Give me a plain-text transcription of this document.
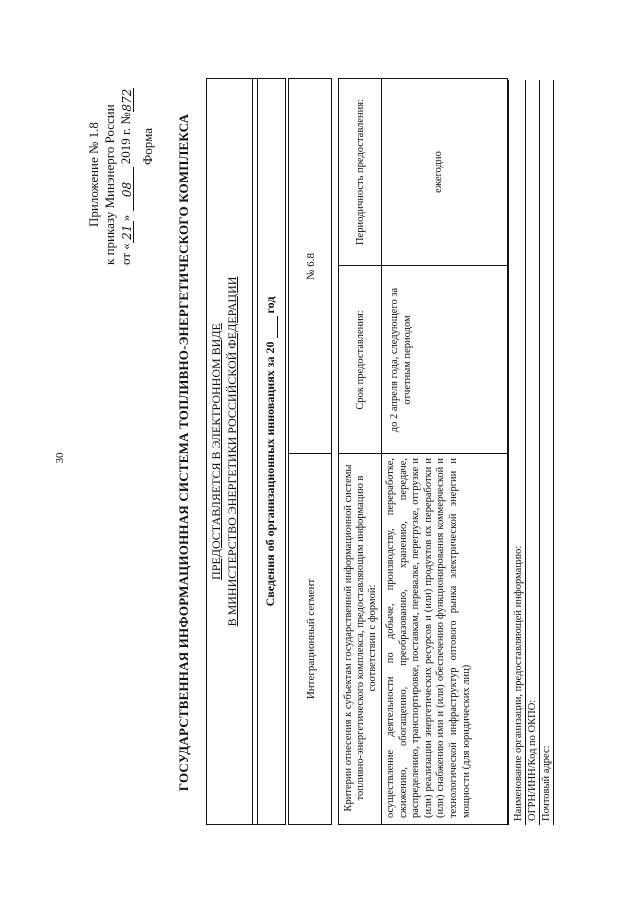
30
Приложение № 1.8 к приказу Минэнерго России от «21» 08 2019 г. №872
Форма ГОСУДАРСТВЕННАЯ ИНФОРМАЦИОННАЯ СИСТЕМА ТОПЛИВНО-ЭНЕРГЕТИЧЕСКОГО КОМПЛЕКСА ПРЕДОСТАВЛЯЕТСЯ В ЭЛЕКТРОННОМ ВИДЕ В МИНИСТЕРСТВО ЭНЕРГЕТИКИ РОССИЙСКОЙ ФЕДЕРАЦИИ Сведения об организационных инновациях за 20  год
Интеграционный сегмент
№ 6.8
Критерии отнесения к субъектам государственной информационной системы топливно-энергетического комплекса, предоставляющим информацию в соответствии с формой: осуществление деятельности по добыче, производству, переработке, сжижению, обогащению, преобразованию, хранению, передаче, распределению, транспортировке, поставкам, перевалке, перегрузке, отгрузке и (или) реализации энергетических ресурсов и (или) продуктов их переработки и (или) снабжению ими и (или) обеспечению функционирования коммерческой и технологической инфраструктур оптового рынка электрической энергии и мощности (для юридических лиц)
Срок предоставления: до 2 апреля года, следующего за отчетным периодом
Периодичность предоставления:	ежегодно
Наименование организации, предоставляющей информацию: ОГРН/ИНН/Код по ОКПО: Почтовый адрес:
